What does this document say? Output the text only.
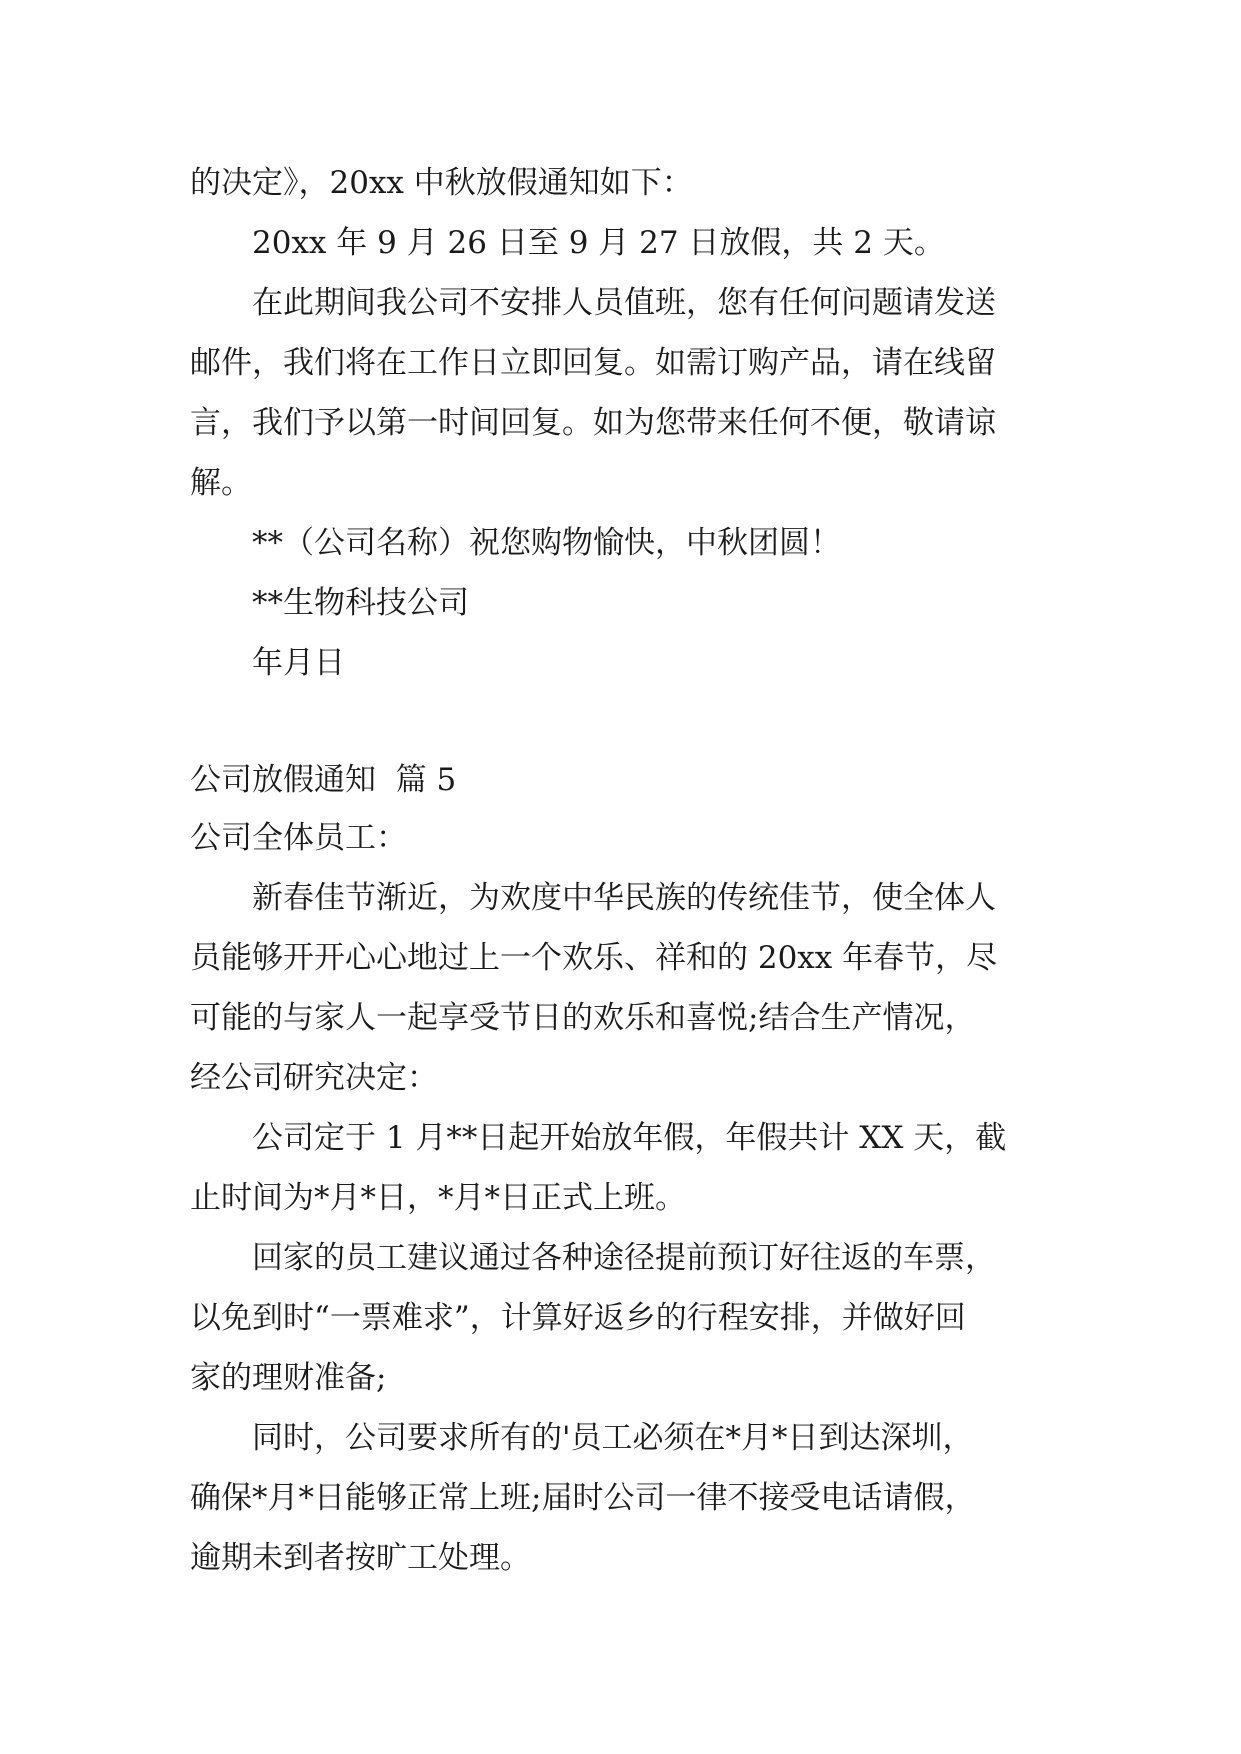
的决定》，20xx 中秋放假通知如下：
20xx 年 9 月 26 日至 9 月 27 日放假，共 2 天。
在此期间我公司不安排人员值班，您有任何问题请发送
邮件，我们将在工作日立即回复。如需订购产品，请在线留
言，我们予以第一时间回复。如为您带来任何不便，敬请谅
解。
**（公司名称）祝您购物愉快，中秋团圆！
**生物科技公司
年月日
公司放假通知  篇 5
公司全体员工：
新春佳节渐近，为欢度中华民族的传统佳节，使全体人
员能够开开心心地过上一个欢乐、祥和的 20xx 年春节，尽
可能的与家人一起享受节日的欢乐和喜悦;结合生产情况，
经公司研究决定：
公司定于 1 月**日起开始放年假，年假共计 XX 天，截
止时间为*月*日，*月*日正式上班。
回家的员工建议通过各种途径提前预订好往返的车票，
以免到时“一票难求”，计算好返乡的行程安排，并做好回
家的理财准备;
同时，公司要求所有的'员工必须在*月*日到达深圳，
确保*月*日能够正常上班;届时公司一律不接受电话请假，
逾期未到者按旷工处理。
